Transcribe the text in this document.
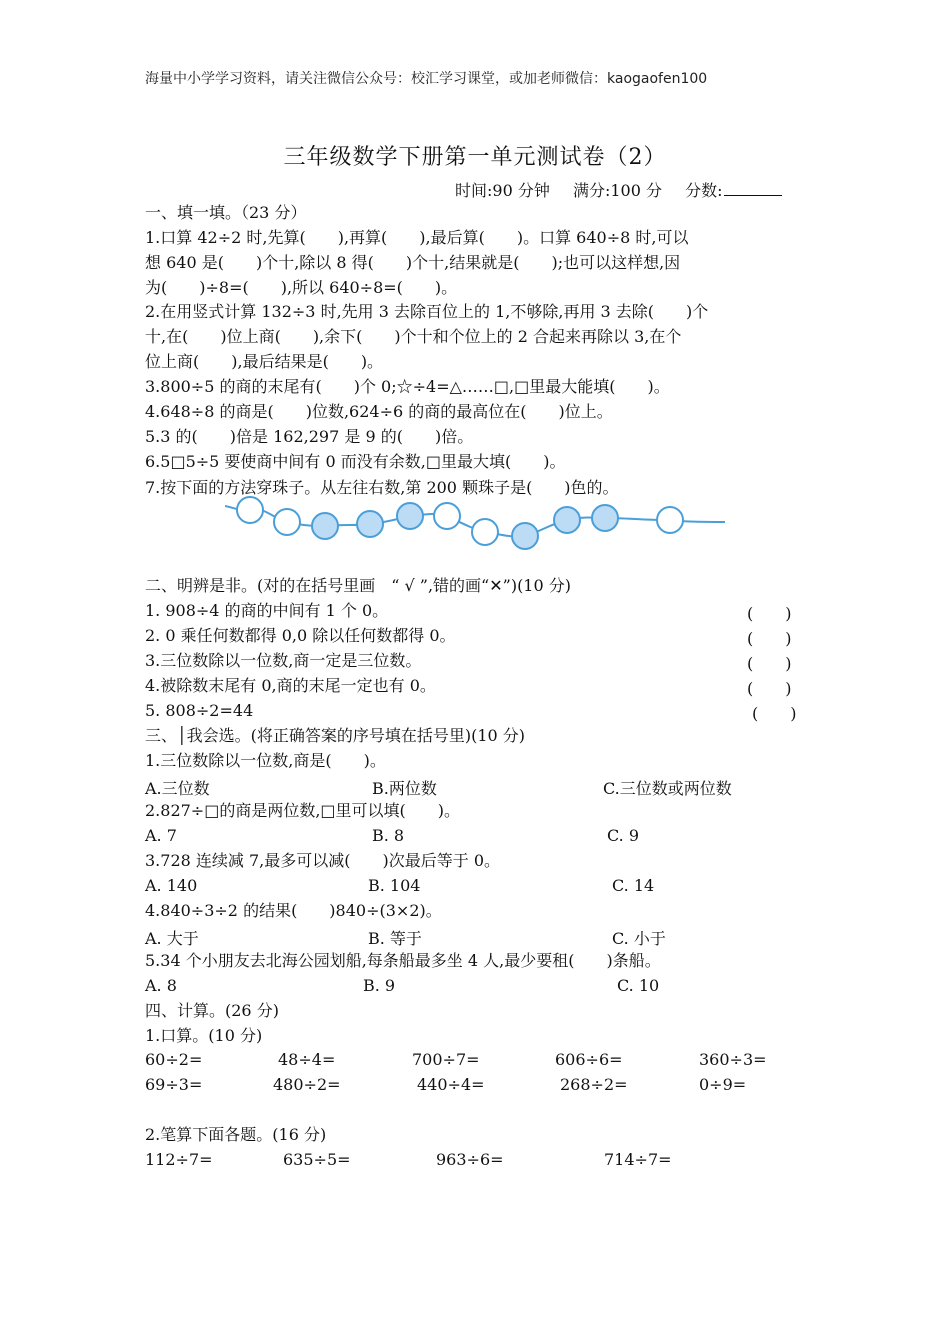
海量中小学学习资料，请关注微信公众号：校汇学习课堂，或加老师微信：kaogaofen100
三年级数学下册第一单元测试卷（2）
时间:90 分钟 满分:100 分 分数:
一、填一填。（23 分）
1.口算 42÷2 时,先算(　　),再算(　　),最后算(　　)。口算 640÷8 时,可以
想 640 是(　　)个十,除以 8 得(　　)个十,结果就是(　　);也可以这样想,因
为(　　)÷8=(　　),所以 640÷8=(　　)。
2.在用竖式计算 132÷3 时,先用 3 去除百位上的 1,不够除,再用 3 去除(　　)个
十,在(　　)位上商(　　),余下(　　)个十和个位上的 2 合起来再除以 3,在个
位上商(　　),最后结果是(　　)。
3.800÷5 的商的末尾有(　　)个 0;☆÷4=△……□,□里最大能填(　　)。
4.648÷8 的商是(　　)位数,624÷6 的商的最高位在(　　)位上。
5.3 的(　　)倍是 162,297 是 9 的(　　)倍。
6.5□5÷5 要使商中间有 0 而没有余数,□里最大填(　　)。
7.按下面的方法穿珠子。从左往右数,第 200 颗珠子是(　　)色的。
二、明辨是非。(对的在括号里画　“ √ ”,错的画“✕”)(10 分)
1. 908÷4 的商的中间有 1 个 0。	(　　)
2. 0 乘任何数都得 0,0 除以任何数都得 0。	(　　)
3.三位数除以一位数,商一定是三位数。	(　　)
4.被除数末尾有 0,商的末尾一定也有 0。	(　　)
5. 808÷2=44	(　　)
三、│我会选。(将正确答案的序号填在括号里)(10 分)
1.三位数除以一位数,商是(　　)。
A.三位数	B.两位数	C.三位数或两位数
2.827÷□的商是两位数,□里可以填(　　)。
A. 7	B. 8	C. 9
3.728 连续减 7,最多可以减(　　)次最后等于 0。
A. 140	B. 104	C. 14
4.840÷3÷2 的结果(　　)840÷(3×2)。
A. 大于	B. 等于	C. 小于
5.34 个小朋友去北海公园划船,每条船最多坐 4 人,最少要租(　　)条船。
A. 8	B. 9	C. 10
四、计算。(26 分)
1.口算。(10 分)
60÷2=	48÷4=	700÷7=	606÷6=	360÷3=
69÷3=	480÷2=	440÷4=	268÷2=	0÷9=
2.笔算下面各题。(16 分)
112÷7=	635÷5=	963÷6=	714÷7=
